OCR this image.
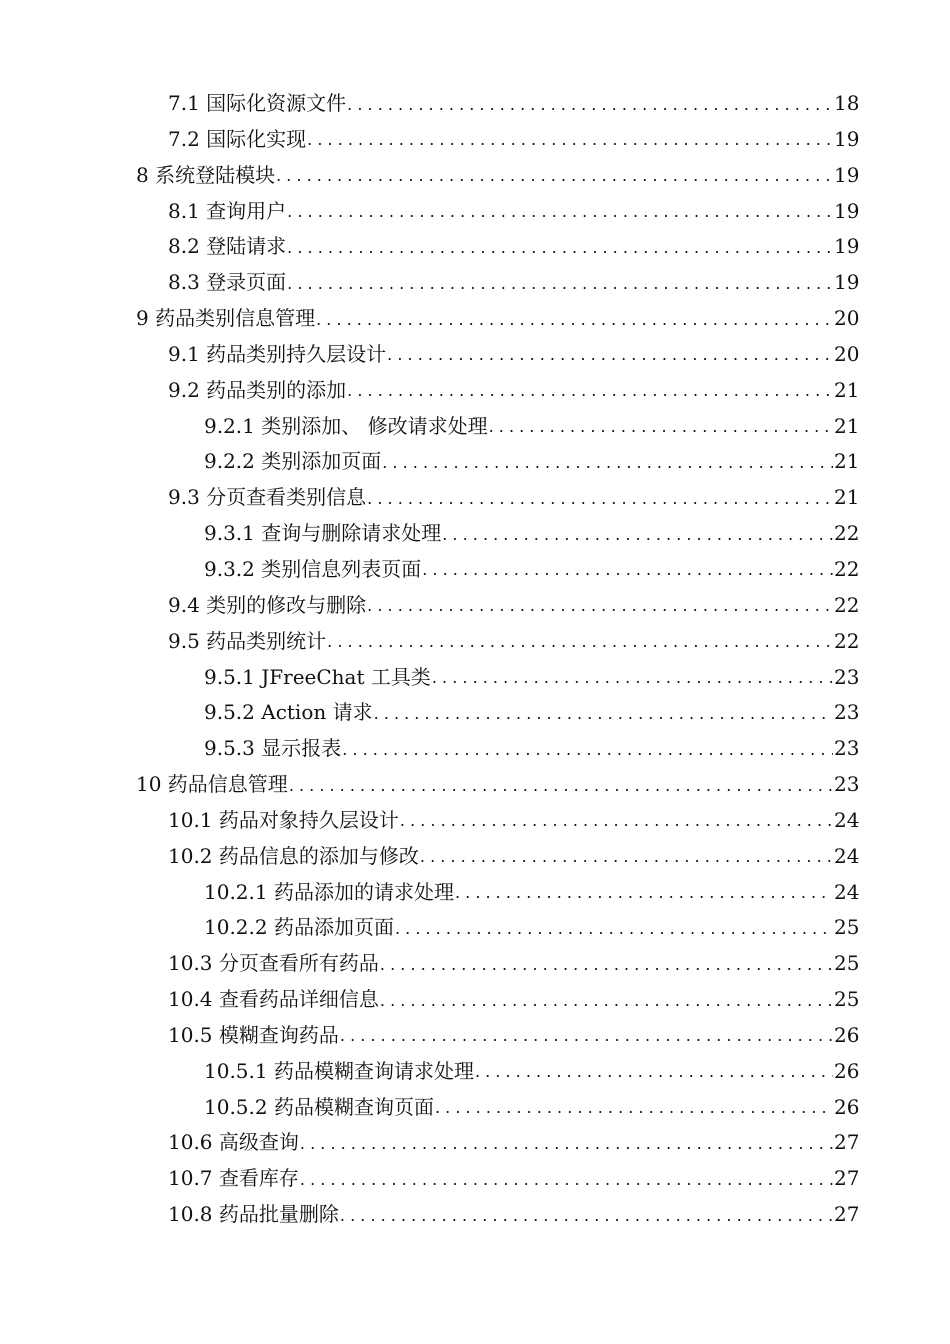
7.1 国际化资源文件 . . .	18
7.2 国际化实现 . . .	19
8 系统登陆模块 . . .	19
8.1 查询用户 . . .	19
8.2 登陆请求 . . .	19
8.3 登录页面 . . .	19
9 药品类别信息管理 . . .	20
9.1 药品类别持久层设计 . . .	20
9.2 药品类别的添加 . . .	21
9.2.1 类别添加、 修改请求处理 . . .	21
9.2.2 类别添加页面 . . .	21
9.3 分页查看类别信息 . . .	21
9.3.1 查询与删除请求处理 . . .	22
9.3.2 类别信息列表页面 . . .	22
9.4 类别的修改与删除 . . .	22
9.5 药品类别统计 . . .	22
9.5.1 JFreeChat 工具类 . . .	23
9.5.2 Action 请求 . . .	23
9.5.3 显示报表 . . .	23
10 药品信息管理 . . .	23
10.1 药品对象持久层设计 . . .	24
10.2 药品信息的添加与修改 . . .	24
10.2.1 药品添加的请求处理 . . .	24
10.2.2 药品添加页面 . . .	25
10.3 分页查看所有药品 . . .	25
10.4 查看药品详细信息 . . .	25
10.5 模糊查询药品 . . .	26
10.5.1 药品模糊查询请求处理 . . .	26
10.5.2 药品模糊查询页面 . . .	26
10.6 高级查询 . . .	27
10.7 查看库存 . . .	27
10.8 药品批量删除 . . .	27
